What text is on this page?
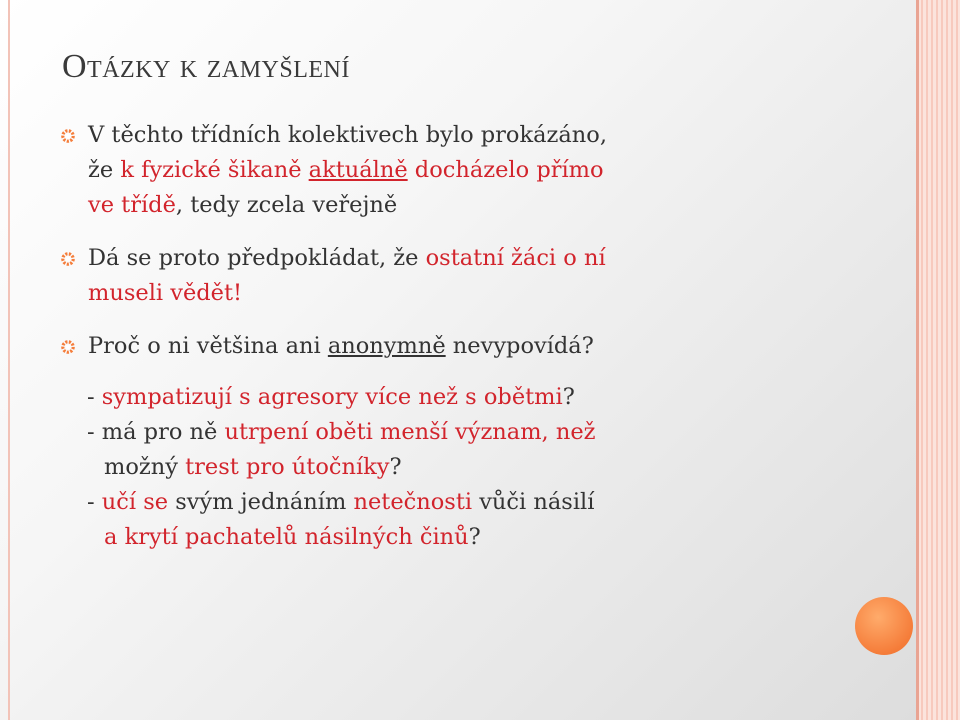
Otázky k zamyšlení
V těchto třídních kolektivech bylo prokázáno,
že k fyzické šikaně aktuálně docházelo přímo
ve třídě, tedy zcela veřejně
Dá se proto předpokládat, že ostatní žáci o ní
museli vědět!
Proč o ni většina ani anonymně nevypovídá?
- sympatizují s agresory více než s obětmi?
- má pro ně utrpení oběti menší význam, než
možný trest pro útočníky?
- učí se svým jednáním netečnosti vůči násilí
a krytí pachatelů násilných činů?
